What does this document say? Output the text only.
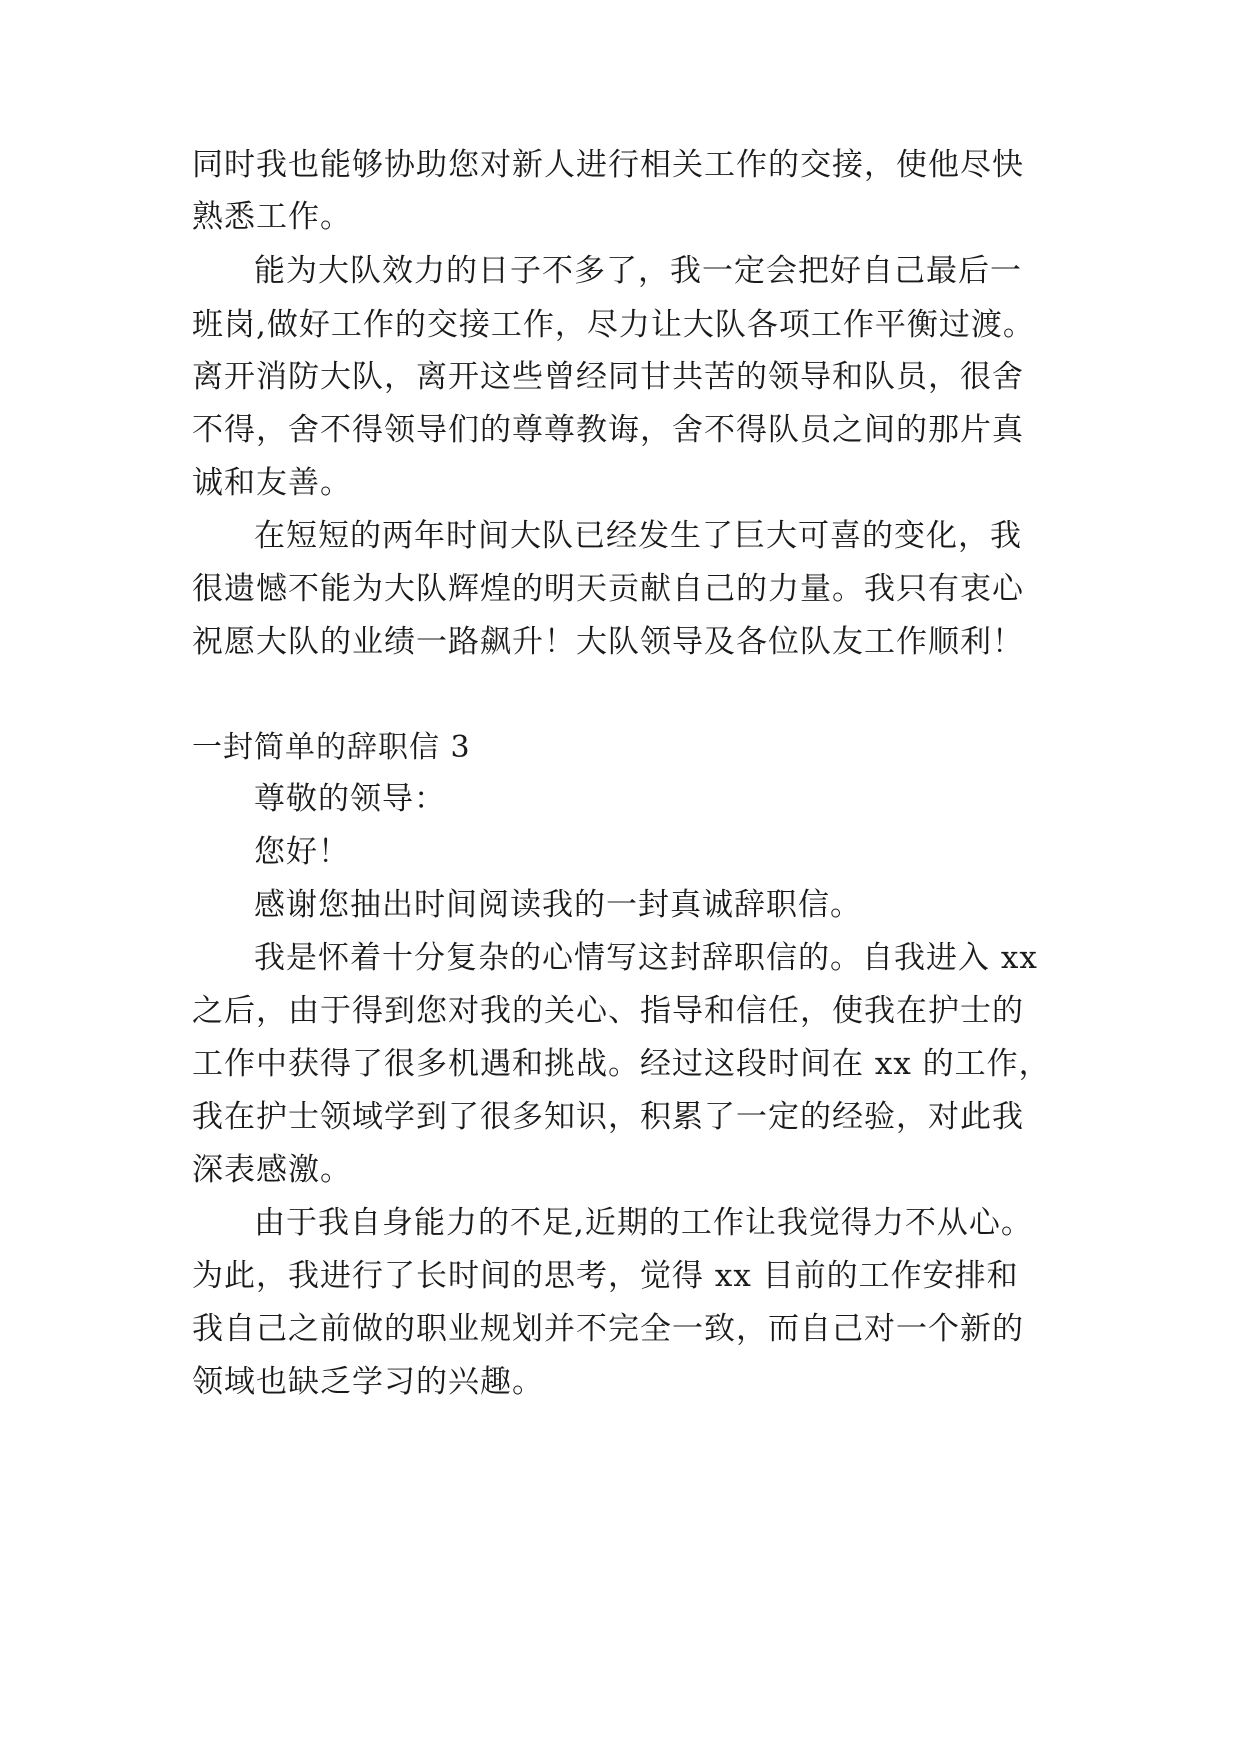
同时我也能够协助您对新人进行相关工作的交接，使他尽快
熟悉工作。
能为大队效力的日子不多了，我一定会把好自己最后一
班岗,做好工作的交接工作，尽力让大队各项工作平衡过渡。
离开消防大队，离开这些曾经同甘共苦的领导和队员，很舍
不得，舍不得领导们的尊尊教诲，舍不得队员之间的那片真
诚和友善。
在短短的两年时间大队已经发生了巨大可喜的变化，我
很遗憾不能为大队辉煌的明天贡献自己的力量。我只有衷心
祝愿大队的业绩一路飙升！大队领导及各位队友工作顺利！
一封简单的辞职信 3
尊敬的领导：
您好！
感谢您抽出时间阅读我的一封真诚辞职信。
我是怀着十分复杂的心情写这封辞职信的。自我进入 xx
之后，由于得到您对我的关心、指导和信任，使我在护士的
工作中获得了很多机遇和挑战。经过这段时间在 xx 的工作，
我在护士领域学到了很多知识，积累了一定的经验，对此我
深表感激。
由于我自身能力的不足,近期的工作让我觉得力不从心。
为此，我进行了长时间的思考，觉得 xx 目前的工作安排和
我自己之前做的职业规划并不完全一致，而自己对一个新的
领域也缺乏学习的兴趣。
